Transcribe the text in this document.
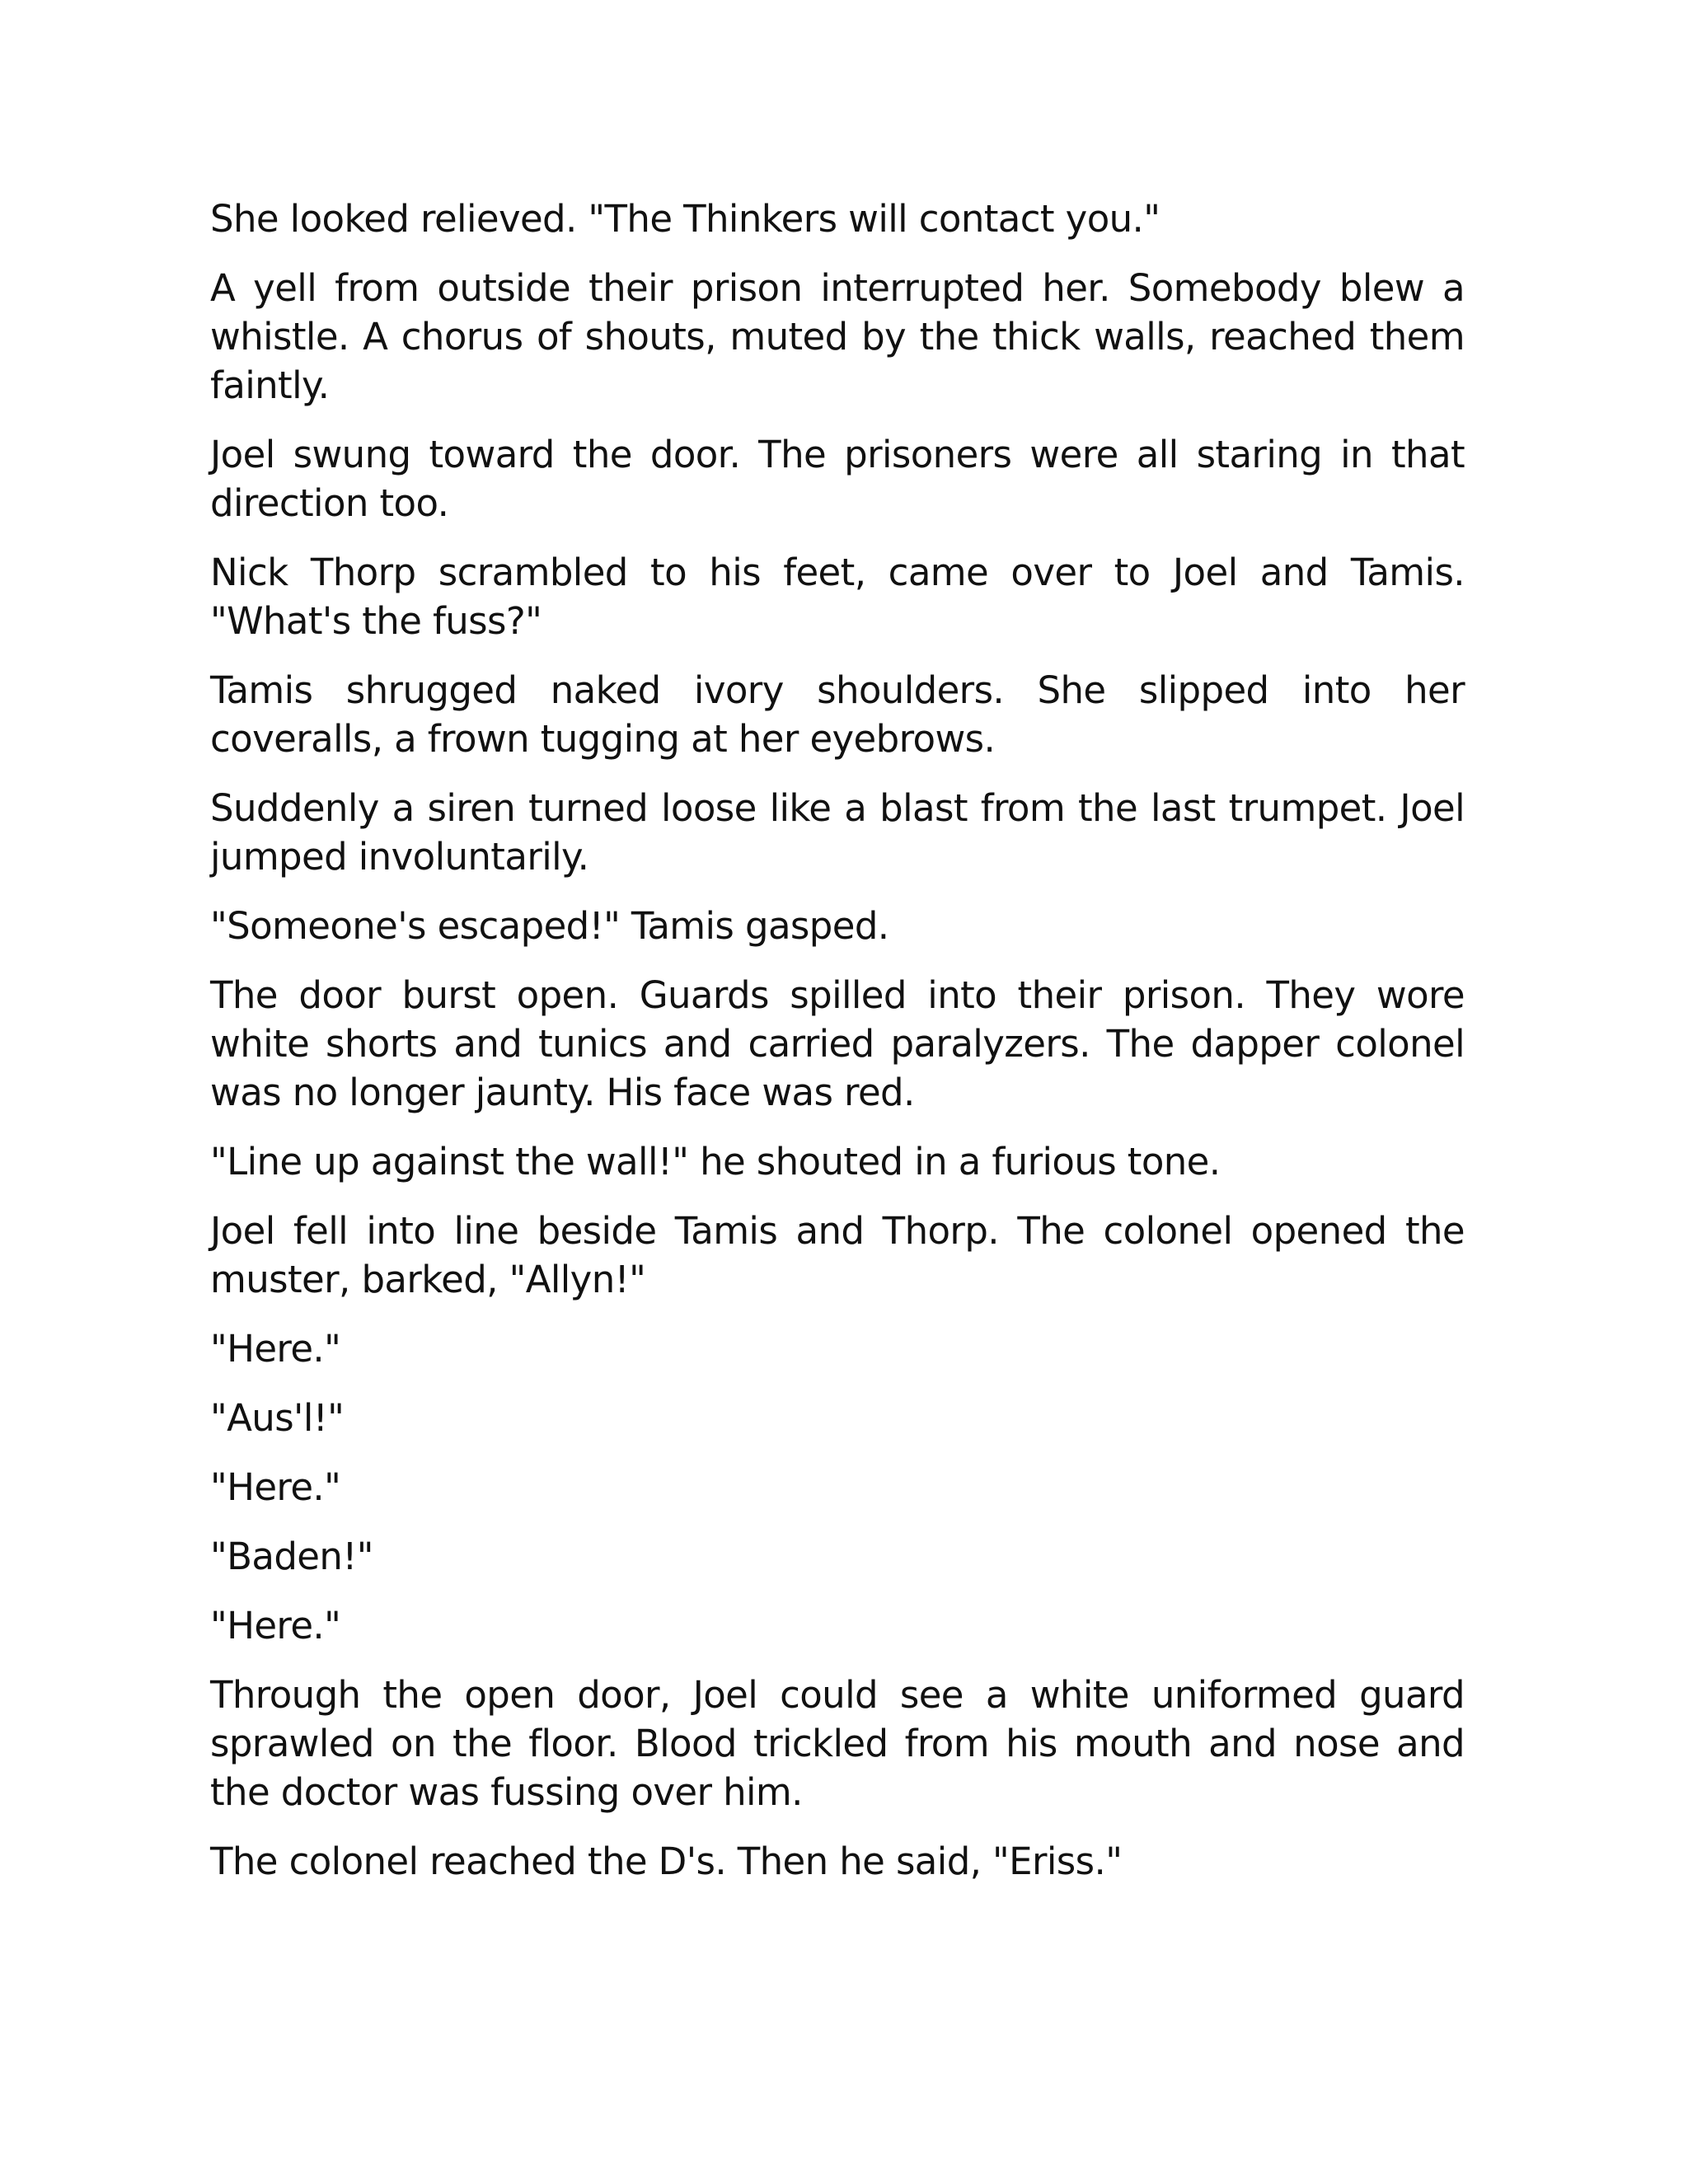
She looked relieved. "The Thinkers will contact you."

A yell from outside their prison interrupted her. Somebody blew a whistle. A chorus of shouts, muted by the thick walls, reached them faintly.

Joel swung toward the door. The prisoners were all staring in that direction too.

Nick Thorp scrambled to his feet, came over to Joel and Tamis. "What's the fuss?"

Tamis shrugged naked ivory shoulders. She slipped into her coveralls, a frown tugging at her eyebrows.

Suddenly a siren turned loose like a blast from the last trumpet. Joel jumped involuntarily.

"Someone's escaped!" Tamis gasped.

The door burst open. Guards spilled into their prison. They wore white shorts and tunics and carried paralyzers. The dapper colonel was no longer jaunty. His face was red.

"Line up against the wall!" he shouted in a furious tone.

Joel fell into line beside Tamis and Thorp. The colonel opened the muster, barked, "Allyn!"

"Here."

"Aus'l!"

"Here."

"Baden!"

"Here."

Through the open door, Joel could see a white uniformed guard sprawled on the floor. Blood trickled from his mouth and nose and the doctor was fussing over him.

The colonel reached the D's. Then he said, "Eriss."
